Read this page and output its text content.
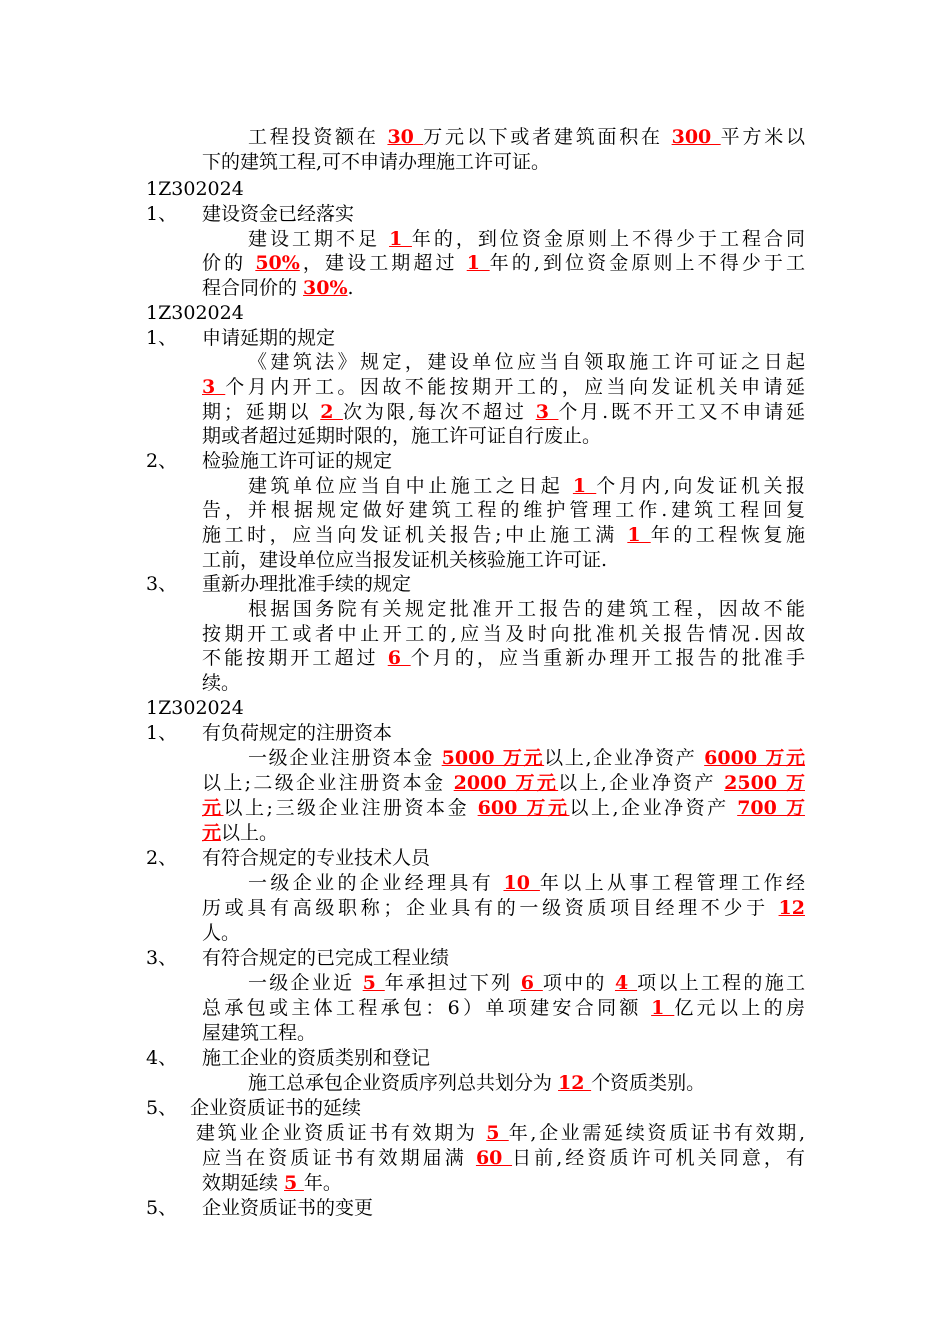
工程投资额在 30 万元以下或者建筑面积在 300 平方米以
下的建筑工程,可不申请办理施工许可证。
1Z302024
1、 建设资金已经落实
建设工期不足 1 年的，到位资金原则上不得少于工程合同
价的 50%，建设工期超过 1 年的,到位资金原则上不得少于工
程合同价的 30%.
1Z302024
1、 申请延期的规定
《建筑法》规定，建设单位应当自领取施工许可证之日起
3 个月内开工。因故不能按期开工的，应当向发证机关申请延
期；延期以 2 次为限,每次不超过 3 个月.既不开工又不申请延
期或者超过延期时限的，施工许可证自行废止。
2、 检验施工许可证的规定
建筑单位应当自中止施工之日起 1 个月内,向发证机关报
告，并根据规定做好建筑工程的维护管理工作.建筑工程回复
施工时，应当向发证机关报告;中止施工满 1 年的工程恢复施
工前，建设单位应当报发证机关核验施工许可证.
3、 重新办理批准手续的规定
根据国务院有关规定批准开工报告的建筑工程，因故不能
按期开工或者中止开工的,应当及时向批准机关报告情况.因故
不能按期开工超过 6 个月的，应当重新办理开工报告的批准手
续。
1Z302024
1、 有负荷规定的注册资本
一级企业注册资本金 5000 万元以上,企业净资产 6000 万元
以上;二级企业注册资本金 2000 万元以上,企业净资产 2500 万
元以上;三级企业注册资本金 600 万元以上,企业净资产 700 万
元以上。
2、 有符合规定的专业技术人员
一级企业的企业经理具有 10 年以上从事工程管理工作经
历或具有高级职称；企业具有的一级资质项目经理不少于 12
人。
3、 有符合规定的已完成工程业绩
一级企业近 5 年承担过下列 6 项中的 4 项以上工程的施工
总承包或主体工程承包：6）单项建安合同额 1 亿元以上的房
屋建筑工程。
4、 施工企业的资质类别和登记
施工总承包企业资质序列总共划分为 12 个资质类别。
5、 企业资质证书的延续
建筑业企业资质证书有效期为 5 年,企业需延续资质证书有效期,
应当在资质证书有效期届满 60 日前,经资质许可机关同意，有
效期延续 5 年。
5、 企业资质证书的变更
